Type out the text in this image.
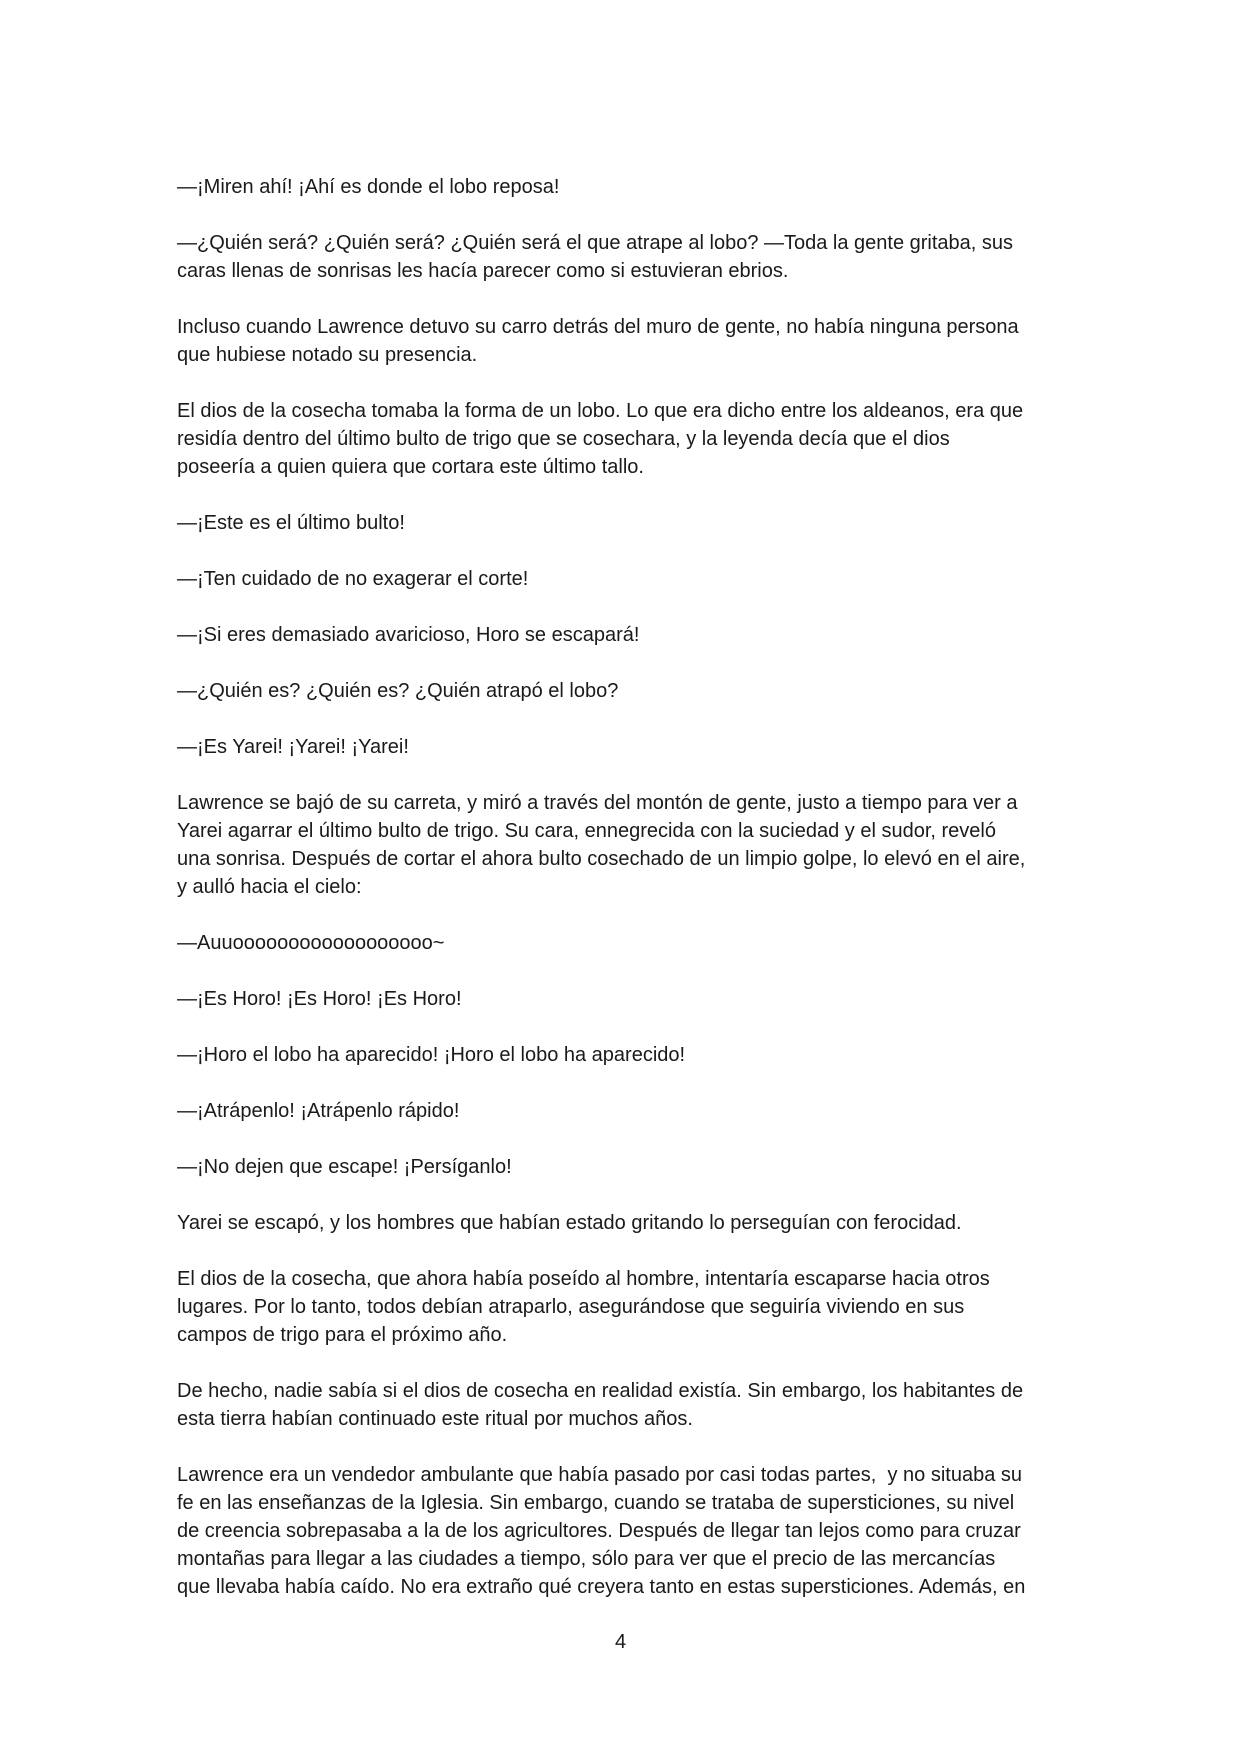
—¡Miren ahí! ¡Ahí es donde el lobo reposa!

—¿Quién será? ¿Quién será? ¿Quién será el que atrape al lobo? —Toda la gente gritaba, sus
caras llenas de sonrisas les hacía parecer como si estuvieran ebrios.

Incluso cuando Lawrence detuvo su carro detrás del muro de gente, no había ninguna persona
que hubiese notado su presencia.

El dios de la cosecha tomaba la forma de un lobo. Lo que era dicho entre los aldeanos, era que
residía dentro del último bulto de trigo que se cosechara, y la leyenda decía que el dios
poseería a quien quiera que cortara este último tallo.

—¡Este es el último bulto!

—¡Ten cuidado de no exagerar el corte!

—¡Si eres demasiado avaricioso, Horo se escapará!

—¿Quién es? ¿Quién es? ¿Quién atrapó el lobo?

—¡Es Yarei! ¡Yarei! ¡Yarei!

Lawrence se bajó de su carreta, y miró a través del montón de gente, justo a tiempo para ver a
Yarei agarrar el último bulto de trigo. Su cara, ennegrecida con la suciedad y el sudor, reveló
una sonrisa. Después de cortar el ahora bulto cosechado de un limpio golpe, lo elevó en el aire,
y aulló hacia el cielo:

—Auuoooooooooooooooooo~

—¡Es Horo! ¡Es Horo! ¡Es Horo!

—¡Horo el lobo ha aparecido! ¡Horo el lobo ha aparecido!

—¡Atrápenlo! ¡Atrápenlo rápido!

—¡No dejen que escape! ¡Persíganlo!

Yarei se escapó, y los hombres que habían estado gritando lo perseguían con ferocidad.

El dios de la cosecha, que ahora había poseído al hombre, intentaría escaparse hacia otros
lugares. Por lo tanto, todos debían atraparlo, asegurándose que seguiría viviendo en sus
campos de trigo para el próximo año.

De hecho, nadie sabía si el dios de cosecha en realidad existía. Sin embargo, los habitantes de
esta tierra habían continuado este ritual por muchos años.

Lawrence era un vendedor ambulante que había pasado por casi todas partes,  y no situaba su
fe en las enseñanzas de la Iglesia. Sin embargo, cuando se trataba de supersticiones, su nivel
de creencia sobrepasaba a la de los agricultores. Después de llegar tan lejos como para cruzar
montañas para llegar a las ciudades a tiempo, sólo para ver que el precio de las mercancías
que llevaba había caído. No era extraño qué creyera tanto en estas supersticiones. Además, en

4
